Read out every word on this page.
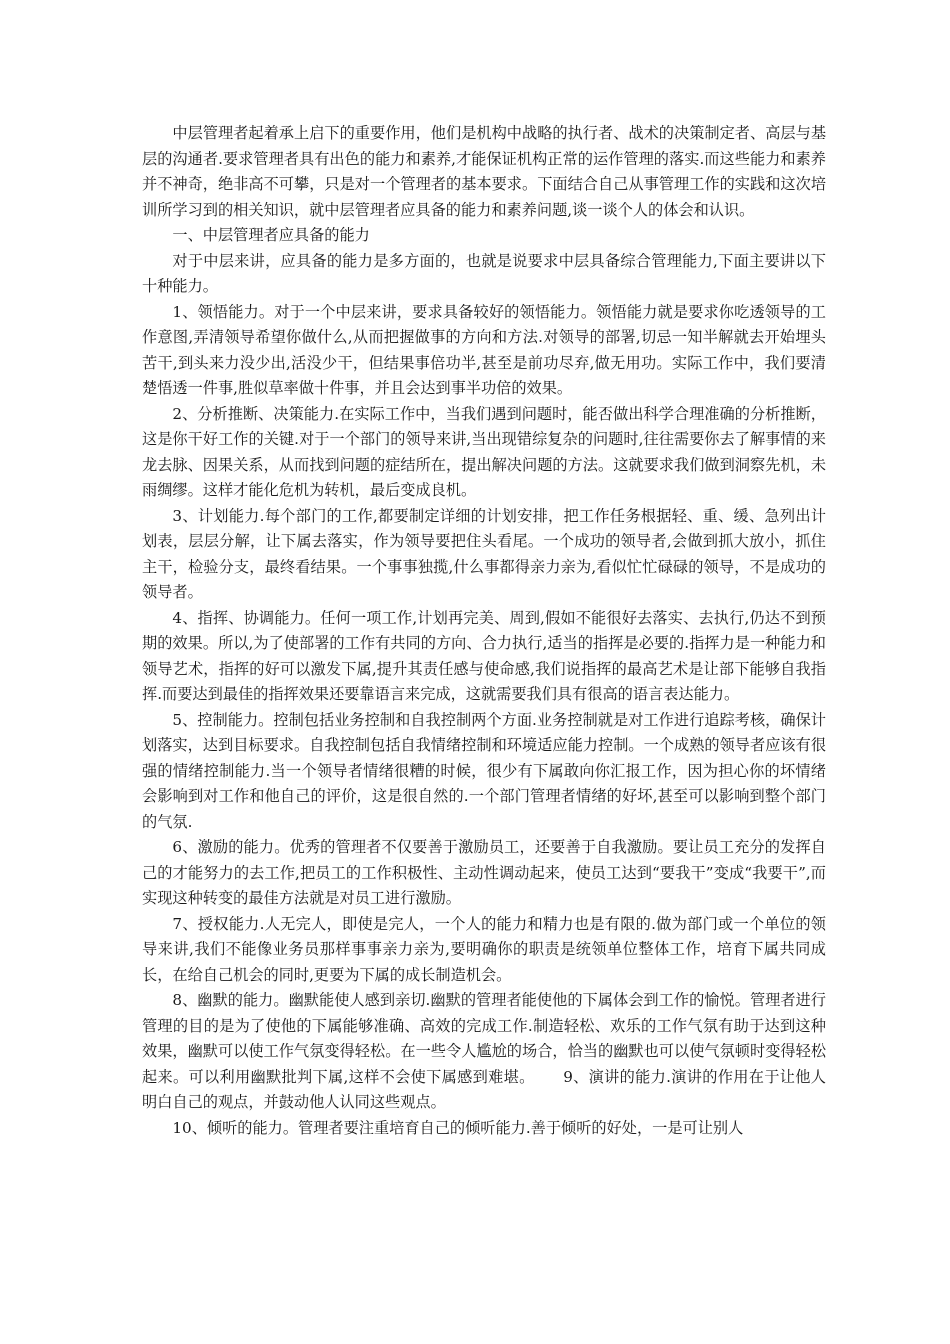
中层管理者起着承上启下的重要作用，他们是机构中战略的执行者、战术的决策制定者、高层与基层的沟通者.要求管理者具有出色的能力和素养,才能保证机构正常的运作管理的落实.而这些能力和素养并不神奇，绝非高不可攀，只是对一个管理者的基本要求。下面结合自己从事管理工作的实践和这次培训所学习到的相关知识，就中层管理者应具备的能力和素养问题,谈一谈个人的体会和认识。

一、中层管理者应具备的能力

对于中层来讲，应具备的能力是多方面的，也就是说要求中层具备综合管理能力,下面主要讲以下十种能力。

1、领悟能力。对于一个中层来讲，要求具备较好的领悟能力。领悟能力就是要求你吃透领导的工作意图,弄清领导希望你做什么,从而把握做事的方向和方法.对领导的部署,切忌一知半解就去开始埋头苦干,到头来力没少出,活没少干，但结果事倍功半,甚至是前功尽弃,做无用功。实际工作中，我们要清楚悟透一件事,胜似草率做十件事，并且会达到事半功倍的效果。

2、分析推断、决策能力.在实际工作中，当我们遇到问题时，能否做出科学合理准确的分析推断，这是你干好工作的关键.对于一个部门的领导来讲,当出现错综复杂的问题时,往往需要你去了解事情的来龙去脉、因果关系，从而找到问题的症结所在，提出解决问题的方法。这就要求我们做到洞察先机，未雨绸缪。这样才能化危机为转机，最后变成良机。

3、计划能力.每个部门的工作,都要制定详细的计划安排，把工作任务根据轻、重、缓、急列出计划表，层层分解，让下属去落实，作为领导要把住头看尾。一个成功的领导者,会做到抓大放小，抓住主干，检验分支，最终看结果。一个事事独揽,什么事都得亲力亲为,看似忙忙碌碌的领导，不是成功的领导者。

4、指挥、协调能力。任何一项工作,计划再完美、周到,假如不能很好去落实、去执行,仍达不到预期的效果。所以,为了使部署的工作有共同的方向、合力执行,适当的指挥是必要的.指挥力是一种能力和领导艺术，指挥的好可以激发下属,提升其责任感与使命感,我们说指挥的最高艺术是让部下能够自我指挥.而要达到最佳的指挥效果还要靠语言来完成，这就需要我们具有很高的语言表达能力。

5、控制能力。控制包括业务控制和自我控制两个方面.业务控制就是对工作进行追踪考核，确保计划落实，达到目标要求。自我控制包括自我情绪控制和环境适应能力控制。一个成熟的领导者应该有很强的情绪控制能力.当一个领导者情绪很糟的时候，很少有下属敢向你汇报工作，因为担心你的坏情绪会影响到对工作和他自己的评价，这是很自然的.一个部门管理者情绪的好坏,甚至可以影响到整个部门的气氛.

6、激励的能力。优秀的管理者不仅要善于激励员工，还要善于自我激励。要让员工充分的发挥自己的才能努力的去工作,把员工的工作积极性、主动性调动起来，使员工达到“要我干”变成“我要干”,而实现这种转变的最佳方法就是对员工进行激励。

7、授权能力.人无完人，即使是完人，一个人的能力和精力也是有限的.做为部门或一个单位的领导来讲,我们不能像业务员那样事事亲力亲为,要明确你的职责是统领单位整体工作，培育下属共同成长，在给自己机会的同时,更要为下属的成长制造机会。

8、幽默的能力。幽默能使人感到亲切.幽默的管理者能使他的下属体会到工作的愉悦。管理者进行管理的目的是为了使他的下属能够准确、高效的完成工作.制造轻松、欢乐的工作气氛有助于达到这种效果，幽默可以使工作气氛变得轻松。在一些令人尴尬的场合，恰当的幽默也可以使气氛顿时变得轻松起来。可以利用幽默批判下属,这样不会使下属感到难堪。　　 9、演讲的能力.演讲的作用在于让他人明白自己的观点，并鼓动他人认同这些观点。

10、倾听的能力。管理者要注重培育自己的倾听能力.善于倾听的好处，一是可让别人
